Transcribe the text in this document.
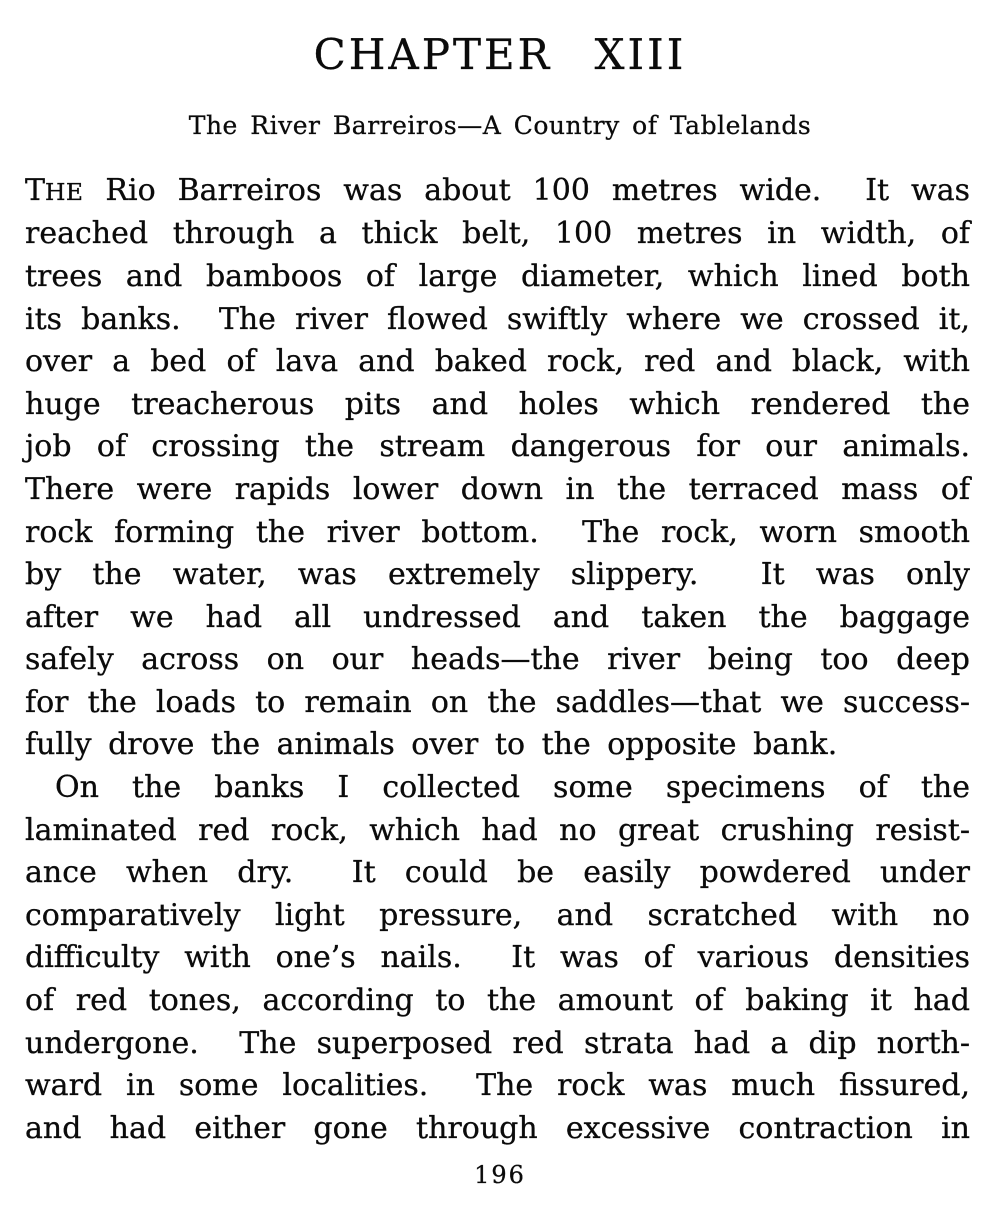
CHAPTER XIII
The River Barreiros—A Country of Tablelands
THE Rio Barreiros was about 100 metres wide.  It was
reached through a thick belt, 100 metres in width, of
trees and bamboos of large diameter, which lined both
its banks.  The river flowed swiftly where we crossed it,
over a bed of lava and baked rock, red and black, with
huge treacherous pits and holes which rendered the
job of crossing the stream dangerous for our animals.
There were rapids lower down in the terraced mass of
rock forming the river bottom.  The rock, worn smooth
by the water, was extremely slippery.  It was only
after we had all undressed and taken the baggage
safely across on our heads—the river being too deep
for the loads to remain on the saddles—that we success-
fully drove the animals over to the opposite bank.
On the banks I collected some specimens of the
laminated red rock, which had no great crushing resist-
ance when dry.  It could be easily powdered under
comparatively light pressure, and scratched with no
difficulty with one’s nails.  It was of various densities
of red tones, according to the amount of baking it had
undergone.  The superposed red strata had a dip north-
ward in some localities.  The rock was much fissured,
and had either gone through excessive contraction in
196
